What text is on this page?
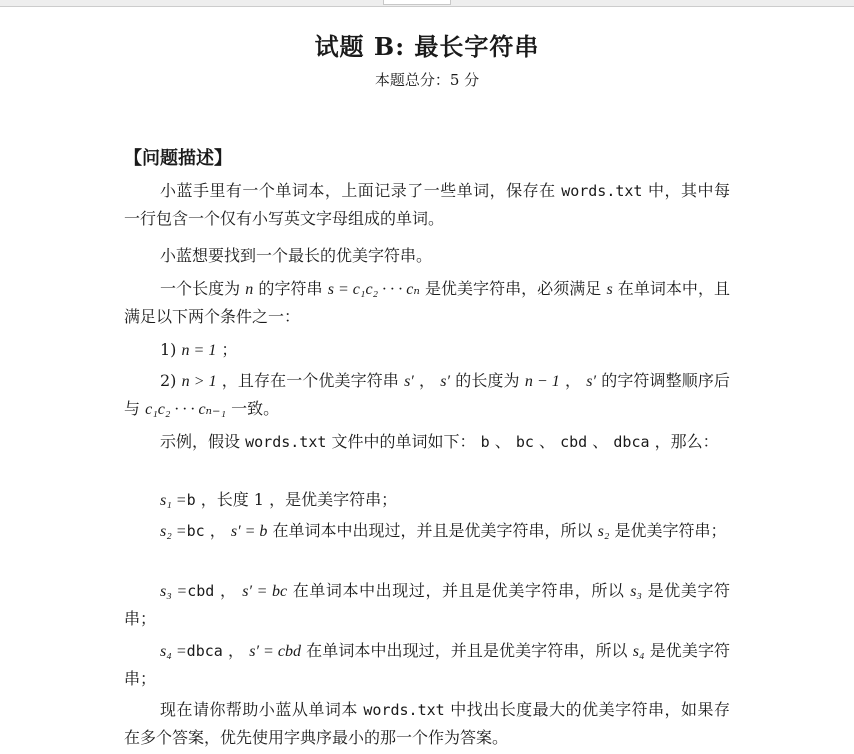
试题 B: 最长字符串
本题总分：5 分
【问题描述】
小蓝手里有一个单词本，上面记录了一些单词，保存在 words.txt 中，其中每一行包含一个仅有小写英文字母组成的单词。
小蓝想要找到一个最长的优美字符串。
一个长度为 n 的字符串 s = c₁c₂ · · · cₙ 是优美字符串，必须满足 s 在单词本中，且满足以下两个条件之一：
1) n = 1 ；
2) n > 1 ，且存在一个优美字符串 s′ ， s′ 的长度为 n − 1 ， s′ 的字符调整顺序后与 c₁c₂ · · · cₙ₋₁ 一致。
示例，假设 words.txt 文件中的单词如下： b 、 bc 、 cbd 、 dbca ，那么：
s₁ =b ，长度 1 ，是优美字符串；
s₂ =bc ， s′ = b 在单词本中出现过，并且是优美字符串，所以 s₂ 是优美字符串；
s₃ =cbd ， s′ = bc 在单词本中出现过，并且是优美字符串，所以 s₃ 是优美字符串；
s₄ =dbca ， s′ = cbd 在单词本中出现过，并且是优美字符串，所以 s₄ 是优美字符串；
现在请你帮助小蓝从单词本 words.txt 中找出长度最大的优美字符串，如果存在多个答案，优先使用字典序最小的那一个作为答案。
